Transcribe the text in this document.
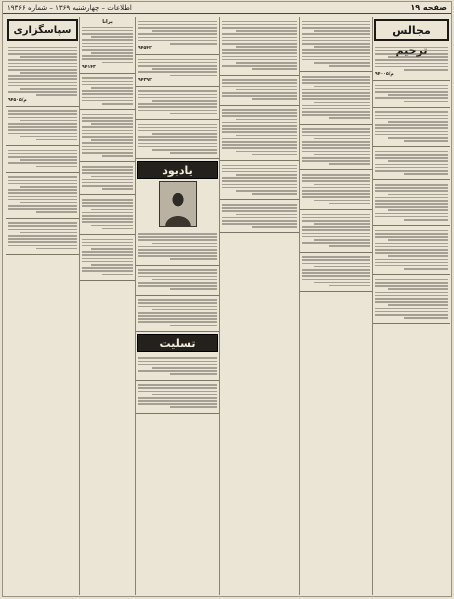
صفحه ۱۹
اطلاعات – چهارشنبه ۱۳۶۹ – شماره ۱۹۳۶۶
مجالس
۹۴۰۰۵/م
۹۴۵۴۲
۹۴۳۹۲
یادبود
تسلیت
پرانا
۹۴۱۴۳
سپاسگزاری
۹۴۵۰۵/م
